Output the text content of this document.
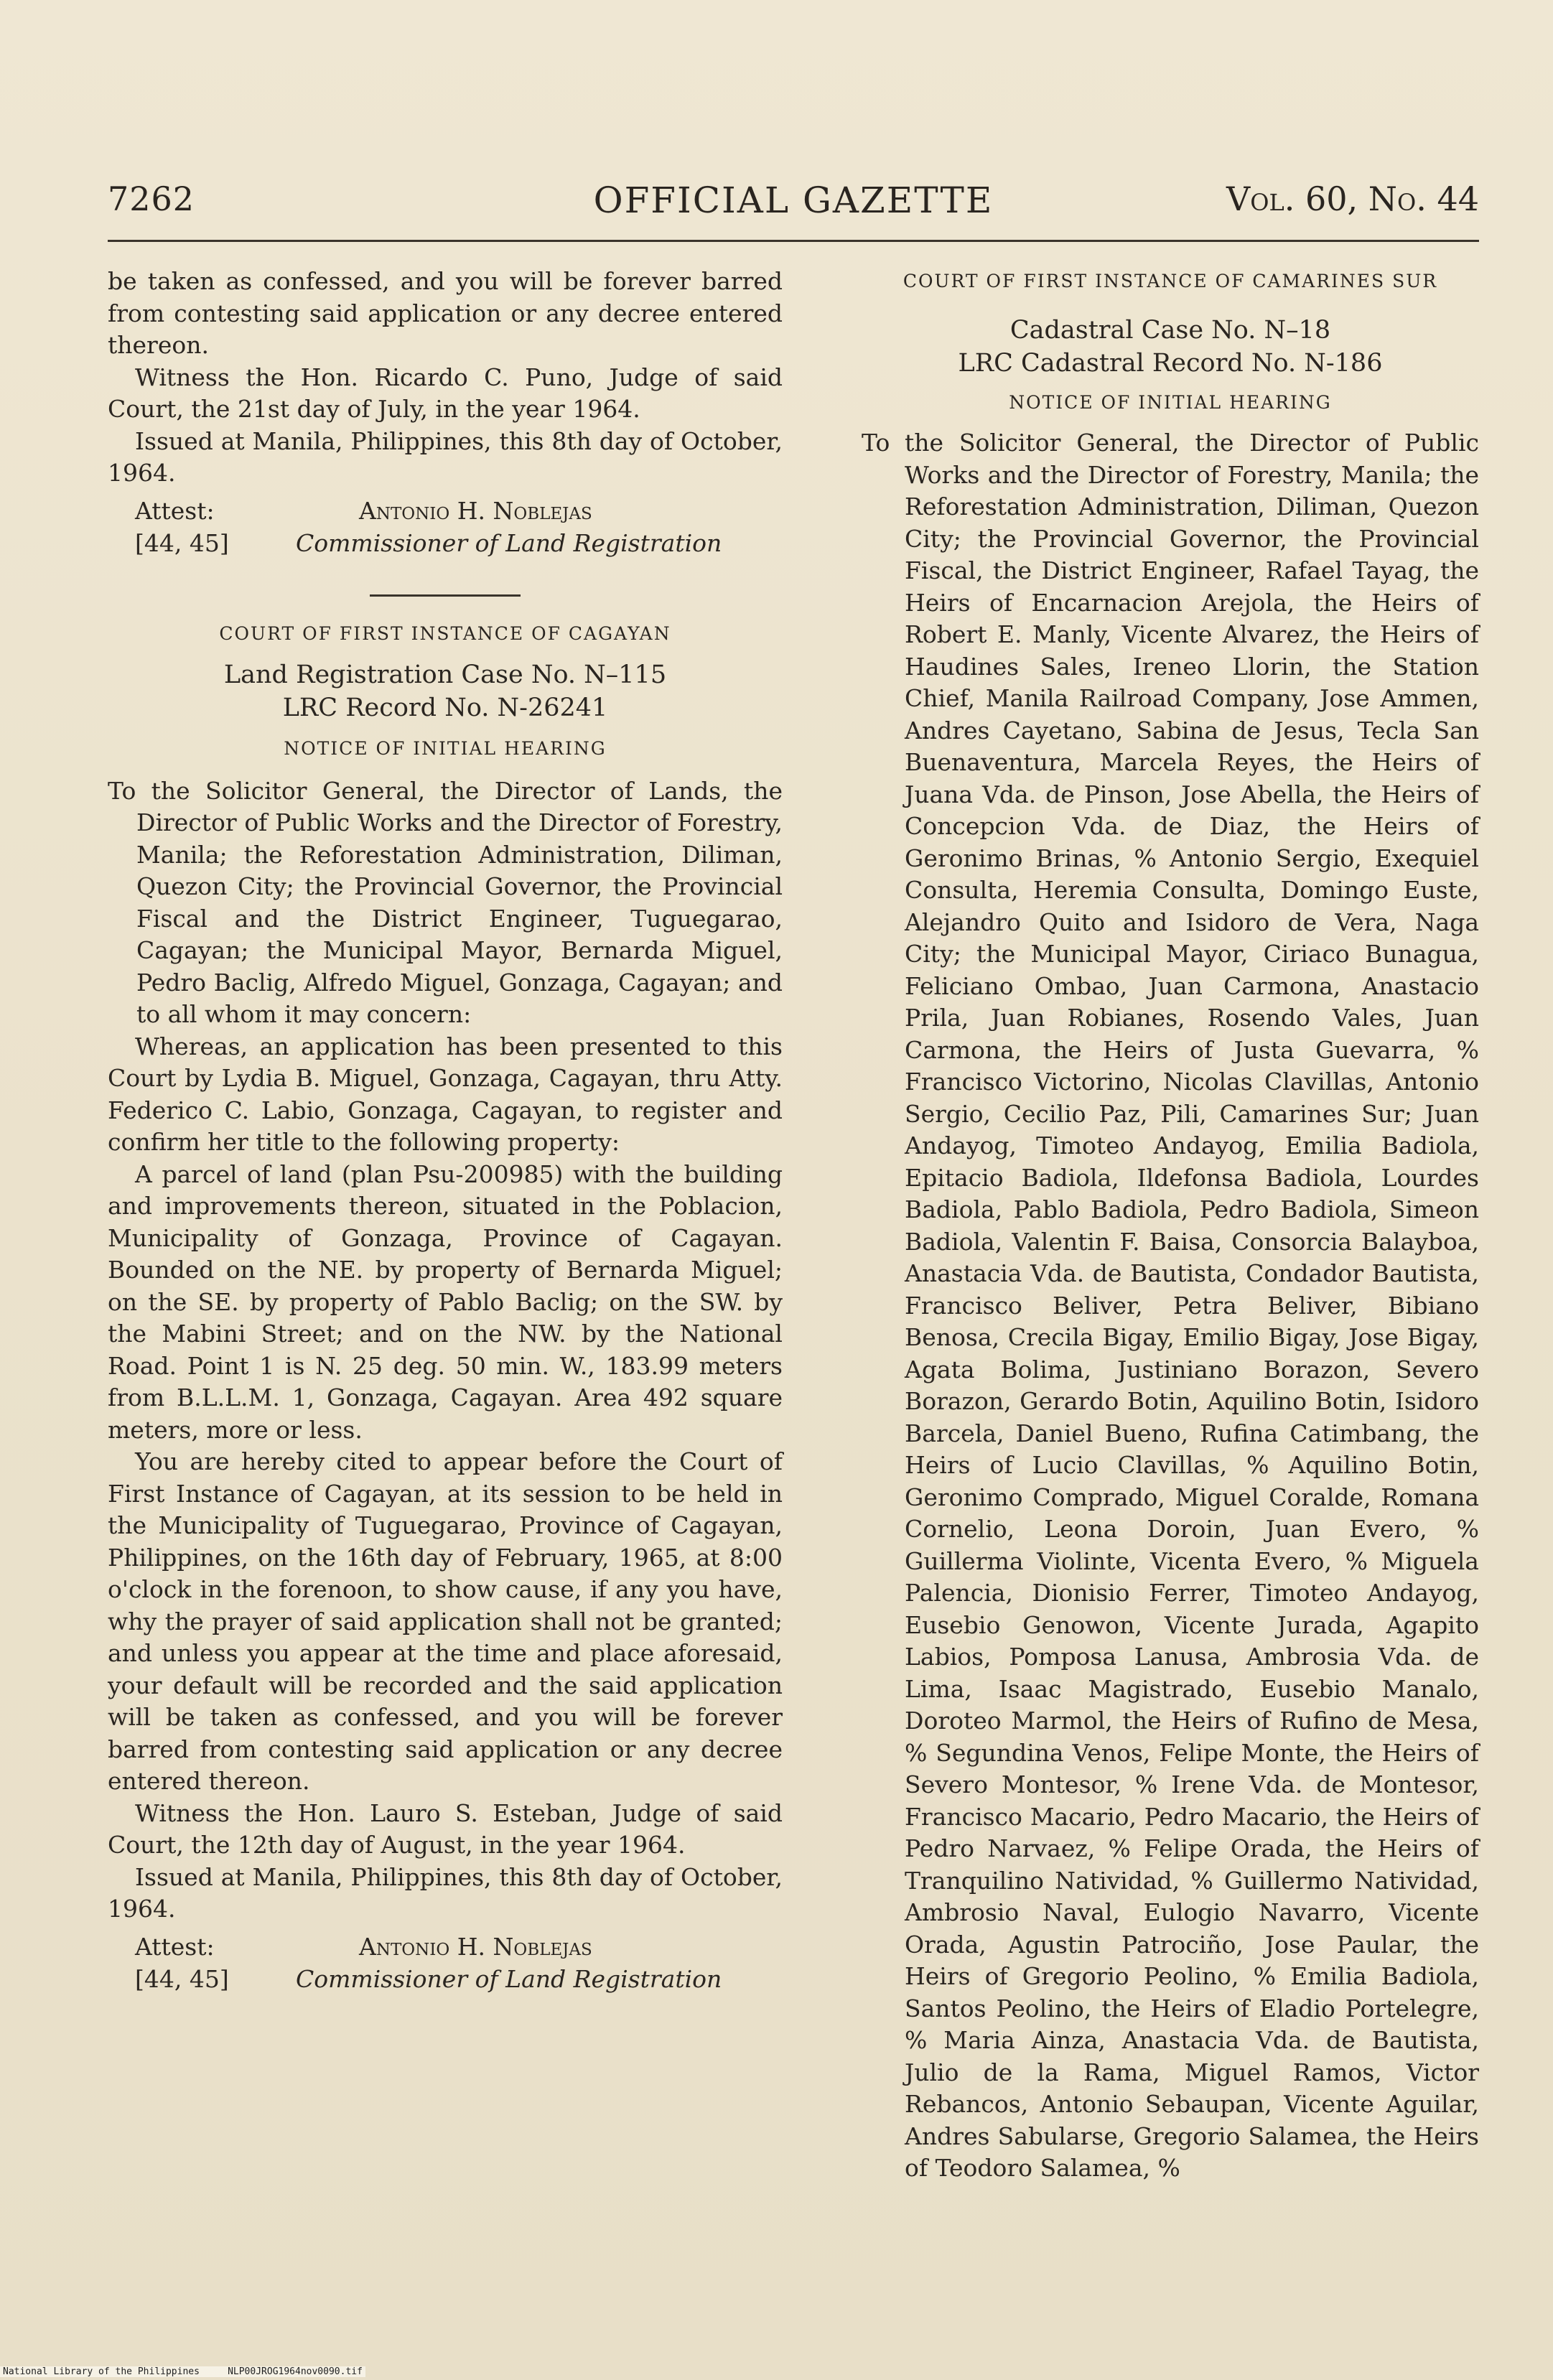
7262	OFFICIAL GAZETTE	Vol. 60, No. 44

be taken as confessed, and you will be forever barred from contesting said application or any decree entered thereon.

Witness the Hon. Ricardo C. Puno, Judge of said Court, the 21st day of July, in the year 1964.

Issued at Manila, Philippines, this 8th day of October, 1964.

Attest:	Antonio H. Noblejas
[44, 45]	Commissioner of Land Registration
COURT OF FIRST INSTANCE OF CAGAYAN
Land Registration Case No. N–115
LRC Record No. N-26241
NOTICE OF INITIAL HEARING

To the Solicitor General, the Director of Lands, the Director of Public Works and the Director of Forestry, Manila; the Reforestation Administration, Diliman, Quezon City; the Provincial Governor, the Provincial Fiscal and the District Engineer, Tuguegarao, Cagayan; the Municipal Mayor, Bernarda Miguel, Pedro Baclig, Alfredo Miguel, Gonzaga, Cagayan; and to all whom it may concern:

Whereas, an application has been presented to this Court by Lydia B. Miguel, Gonzaga, Cagayan, thru Atty. Federico C. Labio, Gonzaga, Cagayan, to register and confirm her title to the following property:

A parcel of land (plan Psu-200985) with the building and improvements thereon, situated in the Poblacion, Municipality of Gonzaga, Province of Cagayan. Bounded on the NE. by property of Bernarda Miguel; on the SE. by property of Pablo Baclig; on the SW. by the Mabini Street; and on the NW. by the National Road. Point 1 is N. 25 deg. 50 min. W., 183.99 meters from B.L.L.M. 1, Gonzaga, Cagayan. Area 492 square meters, more or less.

You are hereby cited to appear before the Court of First Instance of Cagayan, at its session to be held in the Municipality of Tuguegarao, Province of Cagayan, Philippines, on the 16th day of February, 1965, at 8:00 o'clock in the forenoon, to show cause, if any you have, why the prayer of said application shall not be granted; and unless you appear at the time and place aforesaid, your default will be recorded and the said application will be taken as confessed, and you will be forever barred from contesting said application or any decree entered thereon.

Witness the Hon. Lauro S. Esteban, Judge of said Court, the 12th day of August, in the year 1964.

Issued at Manila, Philippines, this 8th day of October, 1964.

Attest:	Antonio H. Noblejas
[44, 45]	Commissioner of Land Registration
COURT OF FIRST INSTANCE OF CAMARINES SUR
Cadastral Case No. N–18
LRC Cadastral Record No. N-186
NOTICE OF INITIAL HEARING
To the Solicitor General, the Director of Public Works and the Director of Forestry, Manila; the Reforestation Administration, Diliman, Quezon City; the Provincial Governor, the Provincial Fiscal, the District Engineer, Rafael Tayag, the Heirs of Encarnacion Arejola, the Heirs of Robert E. Manly, Vicente Alvarez, the Heirs of Haudines Sales, Ireneo Llorin, the Station Chief, Manila Railroad Company, Jose Ammen, Andres Cayetano, Sabina de Jesus, Tecla San Buenaventura, Marcela Reyes, the Heirs of Juana Vda. de Pinson, Jose Abella, the Heirs of Concepcion Vda. de Diaz, the Heirs of Geronimo Brinas, % Antonio Sergio, Exequiel Consulta, Heremia Consulta, Domingo Euste, Alejandro Quito and Isidoro de Vera, Naga City; the Municipal Mayor, Ciriaco Bunagua, Feliciano Ombao, Juan Carmona, Anastacio Prila, Juan Robianes, Rosendo Vales, Juan Carmona, the Heirs of Justa Guevarra, % Francisco Victorino, Nicolas Clavillas, Antonio Sergio, Cecilio Paz, Pili, Camarines Sur; Juan Andayog, Timoteo Andayog, Emilia Badiola, Epitacio Badiola, Ildefonsa Badiola, Lourdes Badiola, Pablo Badiola, Pedro Badiola, Simeon Badiola, Valentin F. Baisa, Consorcia Balayboa, Anastacia Vda. de Bautista, Condador Bautista, Francisco Beliver, Petra Beliver, Bibiano Benosa, Crecila Bigay, Emilio Bigay, Jose Bigay, Agata Bolima, Justiniano Borazon, Severo Borazon, Gerardo Botin, Aquilino Botin, Isidoro Barcela, Daniel Bueno, Rufina Catimbang, the Heirs of Lucio Clavillas, % Aquilino Botin, Geronimo Comprado, Miguel Coralde, Romana Cornelio, Leona Doroin, Juan Evero, % Guillerma Violinte, Vicenta Evero, % Miguela Palencia, Dionisio Ferrer, Timoteo Andayog, Eusebio Genowon, Vicente Jurada, Agapito Labios, Pomposa Lanusa, Ambrosia Vda. de Lima, Isaac Magistrado, Eusebio Manalo, Doroteo Marmol, the Heirs of Rufino de Mesa, % Segundina Venos, Felipe Monte, the Heirs of Severo Montesor, % Irene Vda. de Montesor, Francisco Macario, Pedro Macario, the Heirs of Pedro Narvaez, % Felipe Orada, the Heirs of Tranquilino Natividad, % Guillermo Natividad, Ambrosio Naval, Eulogio Navarro, Vicente Orada, Agustin Patrociño, Jose Paular, the Heirs of Gregorio Peolino, % Emilia Badiola, Santos Peolino, the Heirs of Eladio Portelegre, % Maria Ainza, Anastacia Vda. de Bautista, Julio de la Rama, Miguel Ramos, Victor Rebancos, Antonio Sebaupan, Vicente Aguilar, Andres Sabularse, Gregorio Salamea, the Heirs of Teodoro Salamea, %
National Library of the Philippines	NLP00JROG1964nov0090.tif
